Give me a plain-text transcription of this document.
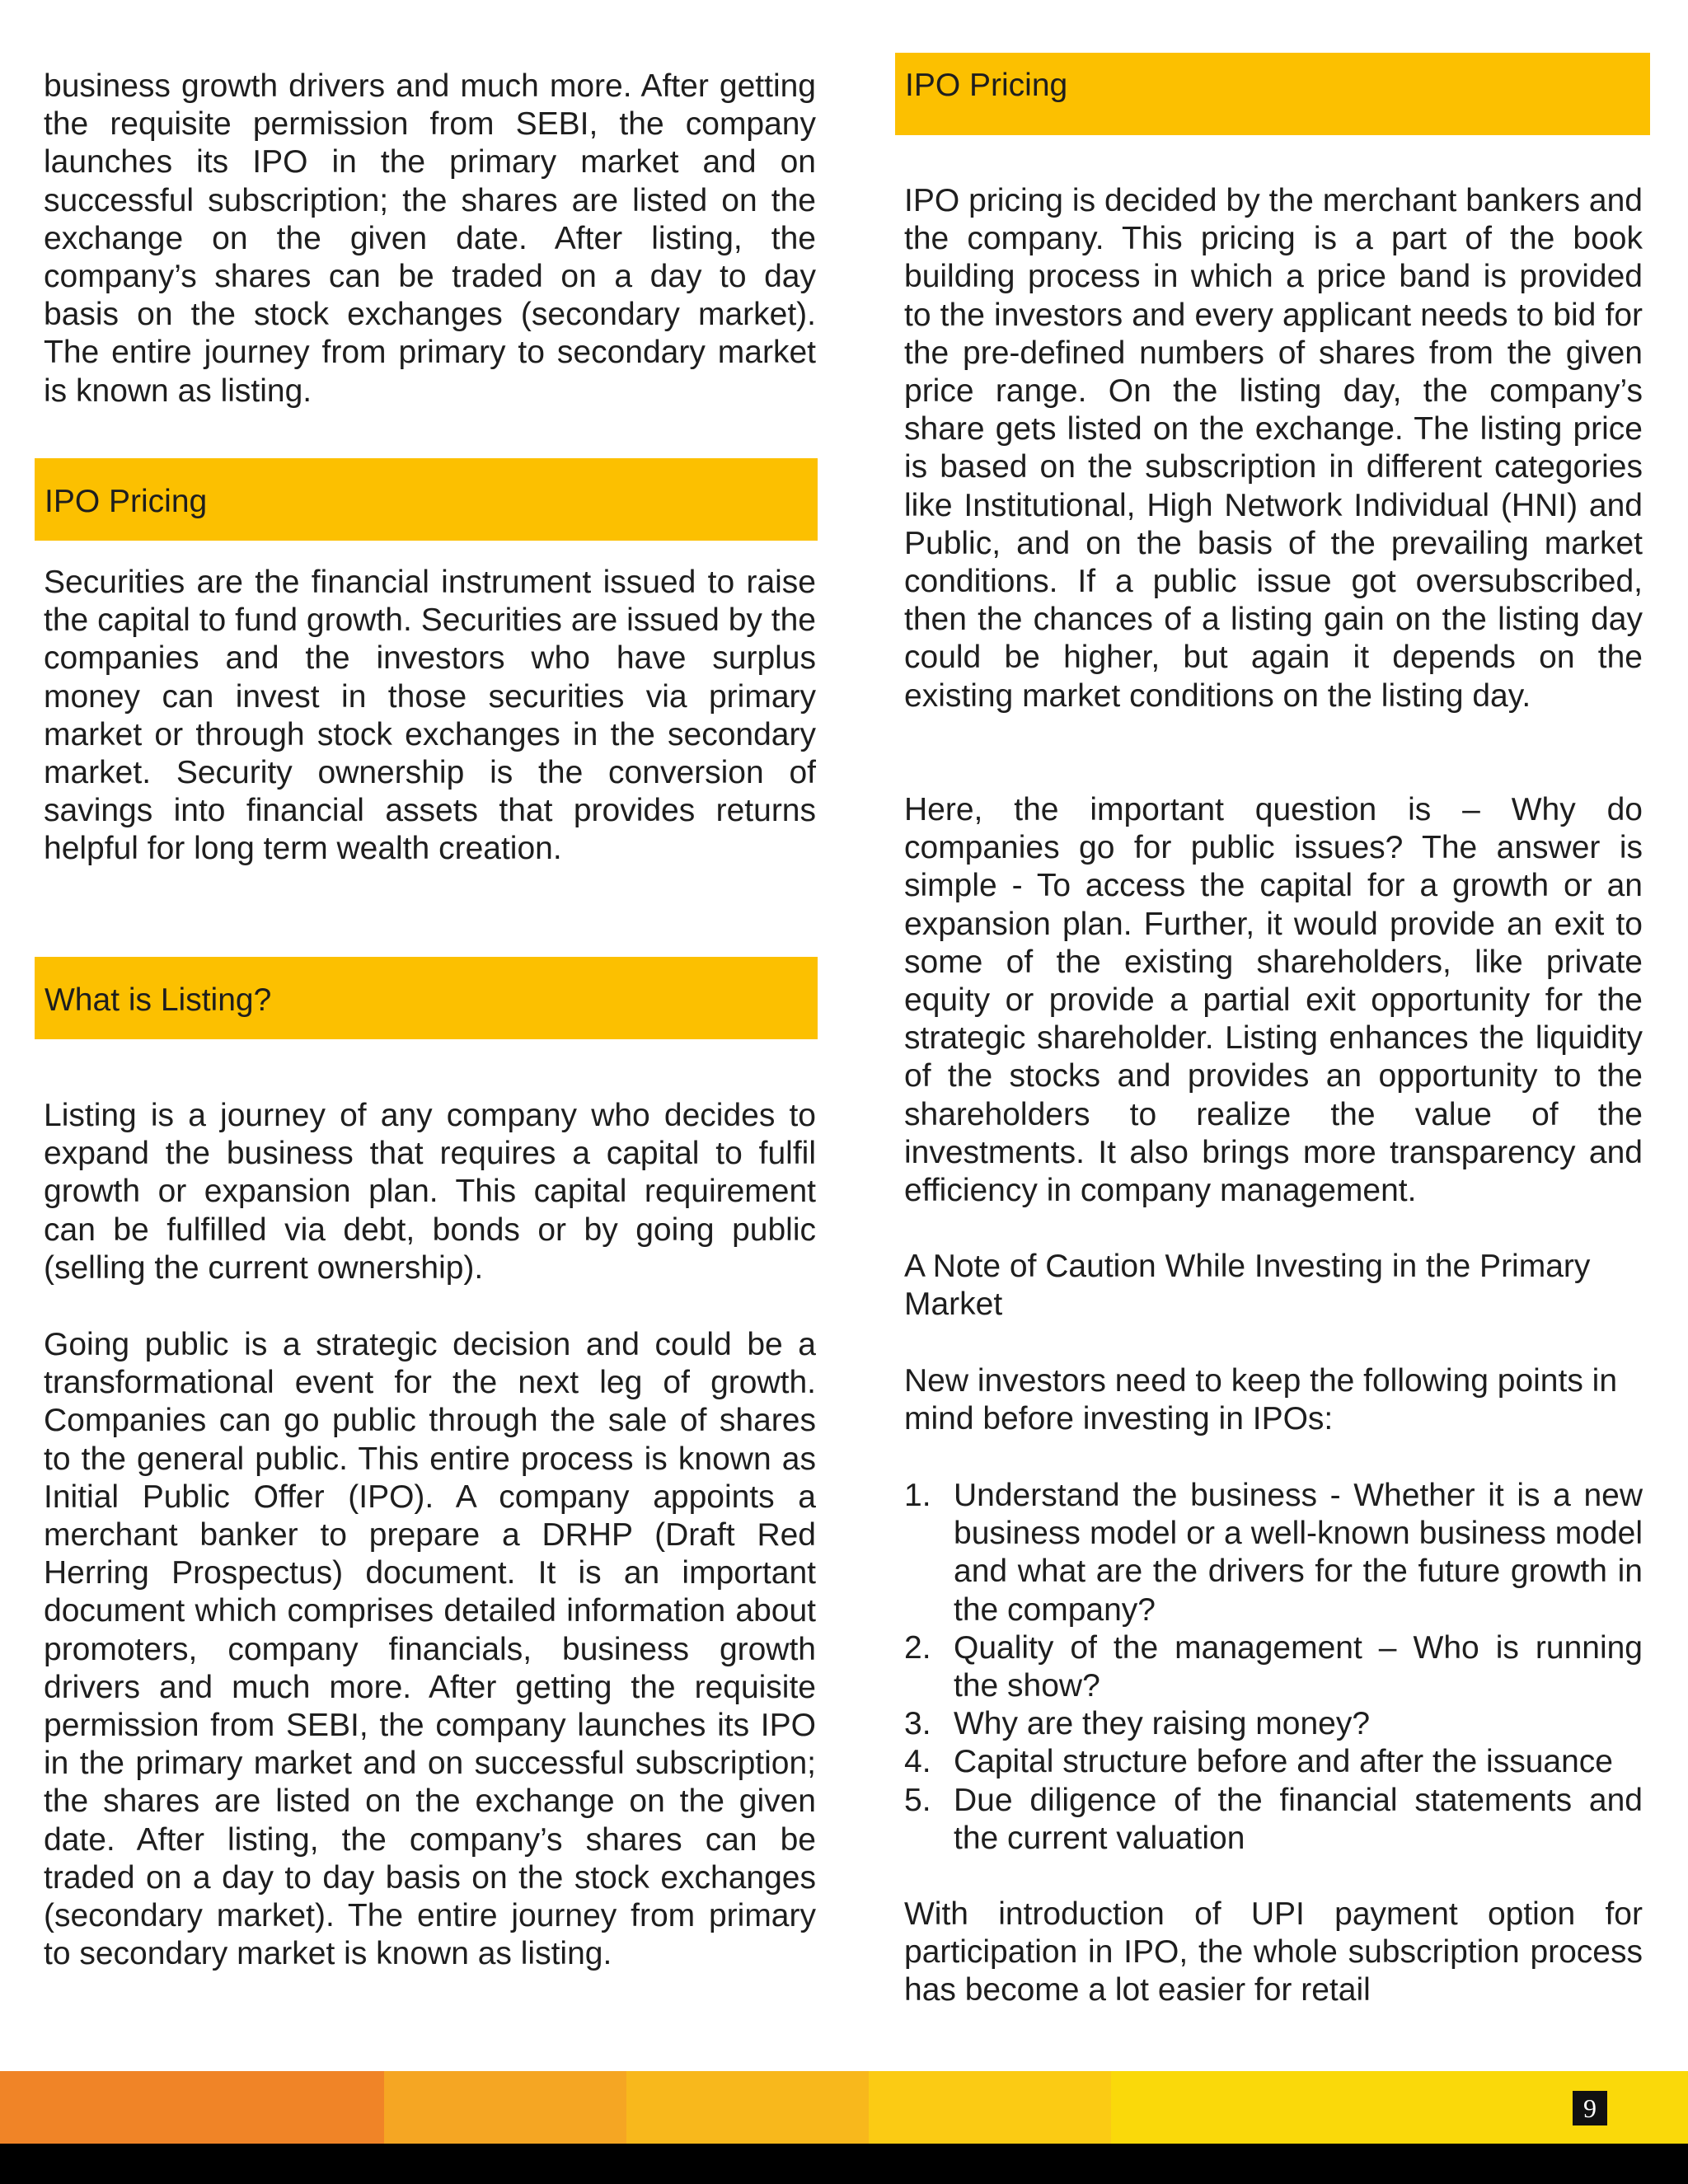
business growth drivers and much more. After getting the requisite permission from SEBI, the company launches its IPO in the primary market and on successful subscription; the shares are listed on the exchange on the given date. After listing, the company’s shares can be traded on a day to day basis on the stock exchanges (secondary market). The entire journey from primary to secondary market is known as listing.

Securities are the financial instrument issued to raise the capital to fund growth. Securities are issued by the companies and the investors who have surplus money can invest in those securities via primary market or through stock exchanges in the secondary market. Security ownership is the conversion of savings into financial assets that provides returns helpful for long term wealth creation.

Listing is a journey of any company who decides to expand the business that requires a capital to fulfil growth or expansion plan. This capital requirement can be fulfilled via debt, bonds or by going public (selling the current ownership).

Going public is a strategic decision and could be a transformational event for the next leg of growth. Companies can go public through the sale of shares to the general public. This entire process is known as Initial Public Offer (IPO). A company appoints a merchant banker to prepare a DRHP (Draft Red Herring Prospectus) document. It is an important document which comprises detailed information about promoters, company financials, business growth drivers and much more. After getting the requisite permission from SEBI, the company launches its IPO in the primary market and on successful subscription; the shares are listed on the exchange on the given date. After listing, the company’s shares can be traded on a day to day basis on the stock exchanges (secondary market). The entire journey from primary to secondary market is known as listing.

IPO Pricing
What is Listing?
IPO Pricing

IPO pricing is decided by the merchant bankers and the company. This pricing is a part of the book building process in which a price band is provided to the investors and every applicant needs to bid for the pre-defined numbers of shares from the given price range. On the listing day, the company’s share gets listed on the exchange. The listing price is based on the subscription in different categories like Institutional, High Network Individual (HNI) and Public, and on the basis of the prevailing market conditions. If a public issue got oversubscribed, then the chances of a listing gain on the listing day could be higher, but again it depends on the existing market conditions on the listing day.

Here, the important question is – Why do companies go for public issues? The answer is simple - To access the capital for a growth or an expansion plan. Further, it would provide an exit to some of the existing shareholders, like private equity or provide a partial exit opportunity for the strategic shareholder. Listing enhances the liquidity of the stocks and provides an opportunity to the shareholders to realize the value of the investments. It also brings more transparency and efficiency in company management.

A Note of Caution While Investing in the Primary Market

New investors need to keep the following points in mind before investing in IPOs:

1. Understand the business - Whether it is a new business model or a well-known business model and what are the drivers for the future growth in the company?
2. Quality of the management – Who is running the show?
3. Why are they raising money?
4. Capital structure before and after the issuance
5. Due diligence of the financial statements and the current valuation

With introduction of UPI payment option for participation in IPO, the whole subscription process has become a lot easier for retail

9
